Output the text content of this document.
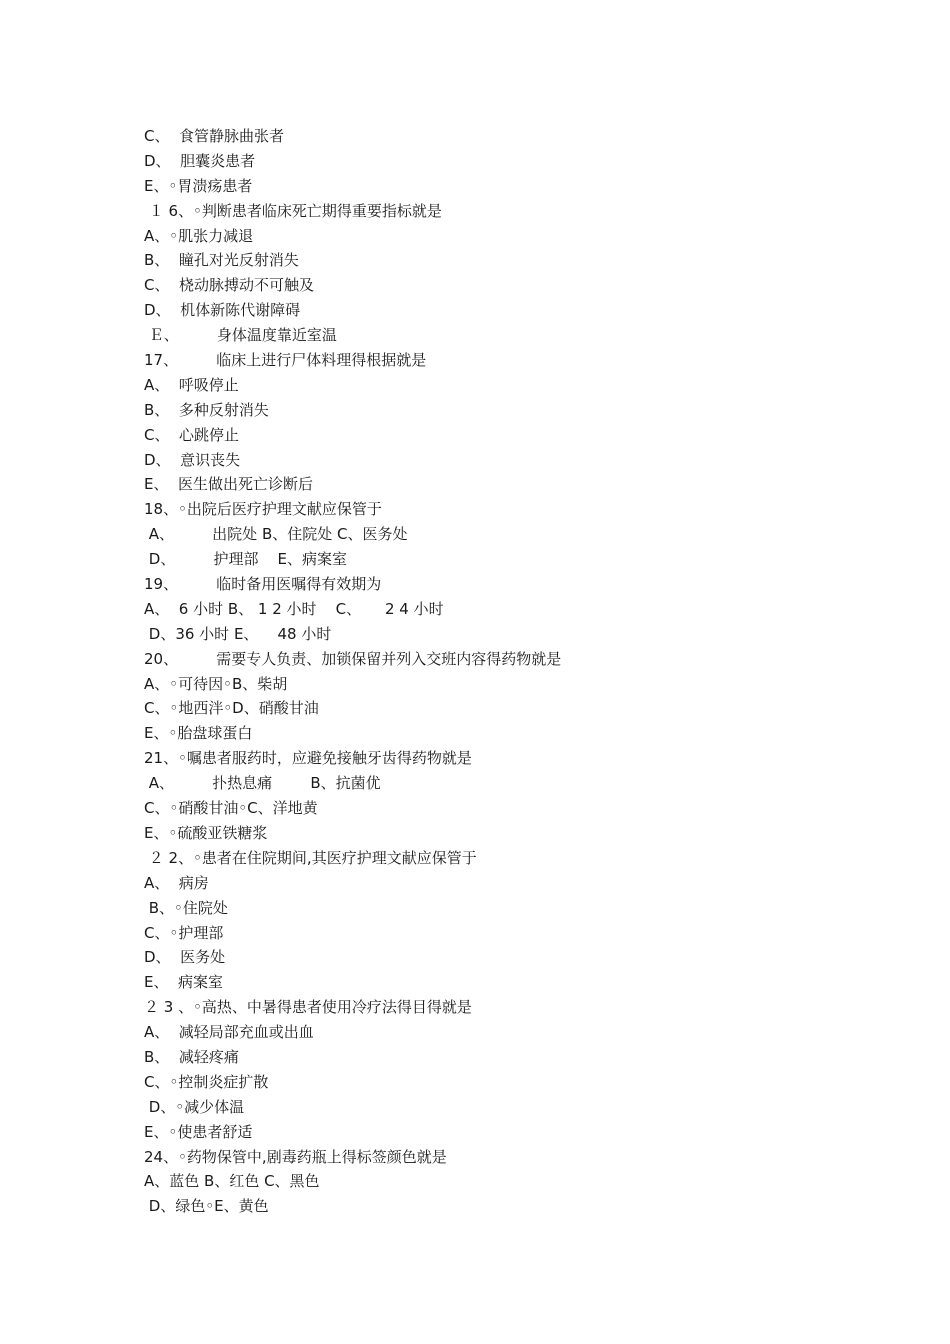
C、  食管静脉曲张者
D、  胆囊炎患者
E、◦胃溃疡患者
１ 6、◦判断患者临床死亡期得重要指标就是
A、◦肌张力减退
B、  瞳孔对光反射消失
C、  桡动脉搏动不可触及
D、  机体新陈代谢障碍
Ｅ、        身体温度靠近室温
17、        临床上进行尸体料理得根据就是
A、  呼吸停止
B、  多种反射消失
C、  心跳停止
D、  意识丧失
E、  医生做出死亡诊断后
18、◦出院后医疗护理文献应保管于
A、        出院处 B、住院处 C、医务处
D、        护理部    E、病案室
19、        临时备用医嘱得有效期为
A、  6 小时 B、 1 2 小时    C、     2 4 小时
D、36 小时 E、    48 小时
20、        需要专人负责、加锁保留并列入交班内容得药物就是
A、◦可待因◦B、柴胡
C、◦地西泮◦D、硝酸甘油
E、◦胎盘球蛋白
21、◦嘱患者服药时，应避免接触牙齿得药物就是
A、        扑热息痛        B、抗菌优
C、◦硝酸甘油◦C、洋地黄
E、◦硫酸亚铁糖浆
２ 2、◦患者在住院期间,其医疗护理文献应保管于
A、  病房
B、◦住院处
C、◦护理部
D、  医务处
E、  病案室
２ 3 、◦高热、中暑得患者使用冷疗法得目得就是
A、  减轻局部充血或出血
B、  减轻疼痛
C、◦控制炎症扩散
D、◦减少体温
E、◦使患者舒适
24、◦药物保管中,剧毒药瓶上得标签颜色就是
A、蓝色 B、红色 C、黑色
D、绿色◦E、黄色
